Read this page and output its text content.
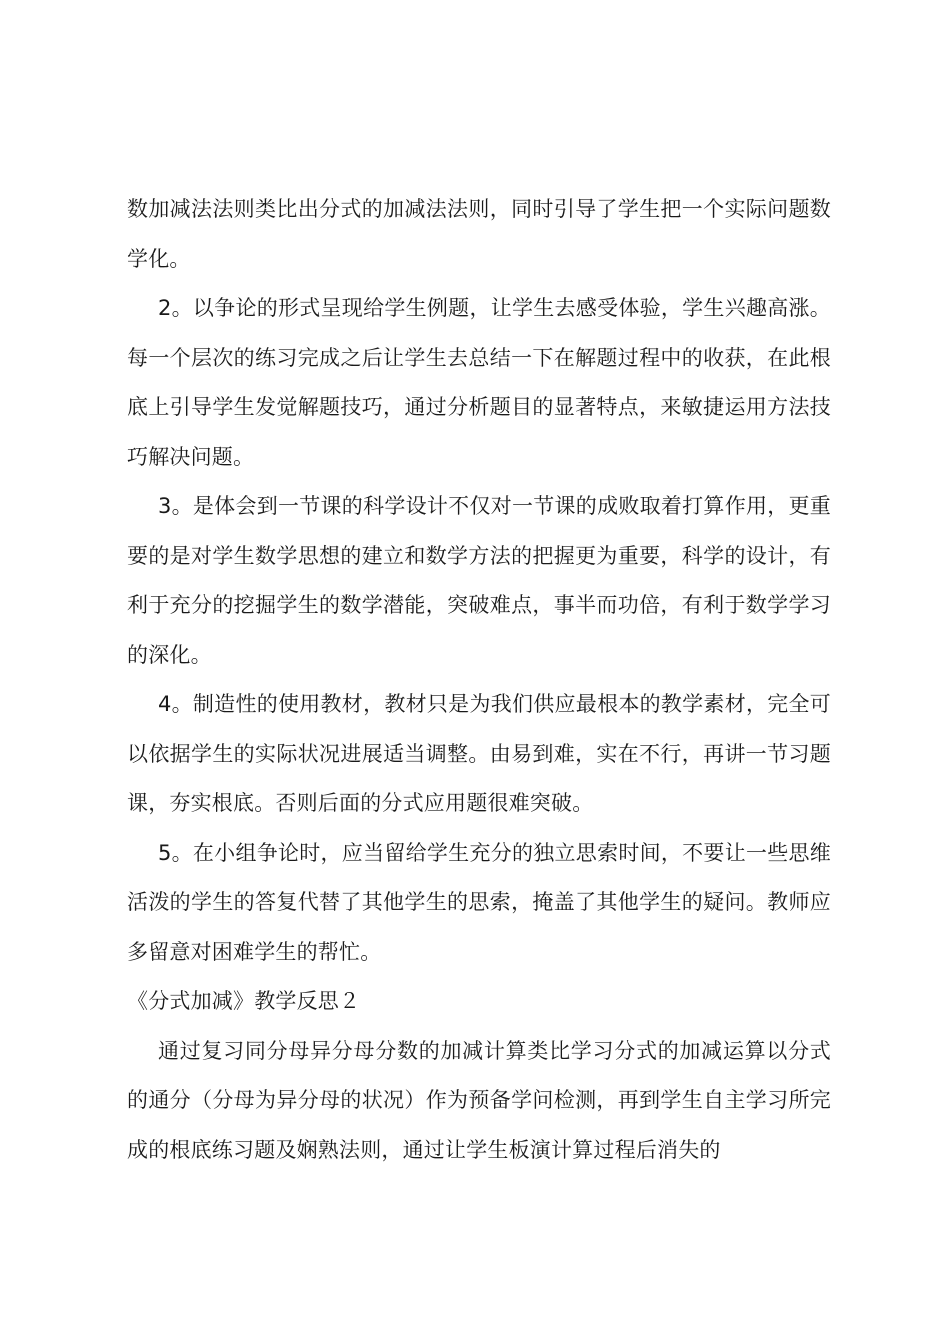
数加减法法则类比出分式的加减法法则，同时引导了学生把一个实际问题数学化。

2。以争论的形式呈现给学生例题，让学生去感受体验，学生兴趣高涨。每一个层次的练习完成之后让学生去总结一下在解题过程中的收获，在此根底上引导学生发觉解题技巧，通过分析题目的显著特点，来敏捷运用方法技巧解决问题。

3。是体会到一节课的科学设计不仅对一节课的成败取着打算作用，更重要的是对学生数学思想的建立和数学方法的把握更为重要，科学的设计，有利于充分的挖掘学生的数学潜能，突破难点，事半而功倍，有利于数学学习的深化。

4。制造性的使用教材，教材只是为我们供应最根本的教学素材，完全可以依据学生的实际状况进展适当调整。由易到难，实在不行，再讲一节习题课，夯实根底。否则后面的分式应用题很难突破。

5。在小组争论时，应当留给学生充分的独立思索时间，不要让一些思维活泼的学生的答复代替了其他学生的思索，掩盖了其他学生的疑问。教师应多留意对困难学生的帮忙。

《分式加减》教学反思２

通过复习同分母异分母分数的加减计算类比学习分式的加减运算以分式的通分（分母为异分母的状况）作为预备学问检测，再到学生自主学习所完成的根底练习题及娴熟法则，通过让学生板演计算过程后消失的
